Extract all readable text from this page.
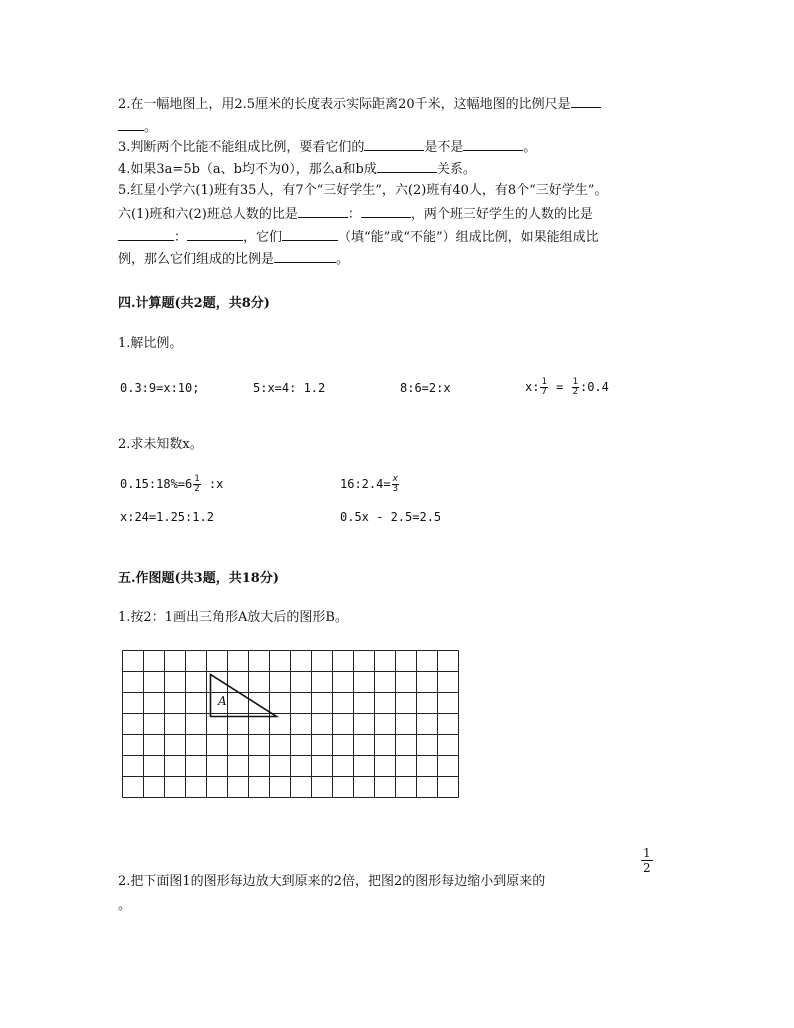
2.在一幅地图上，用2.5厘米的长度表示实际距离20千米，这幅地图的比例尺是
。
3.判断两个比能不能组成比例，要看它们的	是不是	。
4.如果3a=5b（a、b均不为0），那么a和b成	关系。
5.红星小学六(1)班有35人，有7个“三好学生”，六(2)班有40人，有8个“三好学生”。
六(1)班和六(2)班总人数的比是	：	，两个班三好学生的人数的比是
：	，它们	（填“能”或“不能”）组成比例，如果能组成比
例，那么它们组成的比例是	。
四.计算题(共2题，共8分)
1.解比例。
0.3:9=x:10;	5:x=4: 1.2	8:6=2:x	x: $\frac{1}{7} = \frac{1}{2}$ :0.4
2.求未知数x。
0.15:18%=6 $\frac{1}{2}$ :x	16:2.4= $\frac{x}{3}$
x:24=1.25:1.2	0.5x - 2.5=2.5
五.作图题(共3题，共18分)
1.按2：1画出三角形A放大后的图形B。
A
$\frac{1}{2}$
2.把下面图1的图形每边放大到原来的2倍，把图2的图形每边缩小到原来的
。
